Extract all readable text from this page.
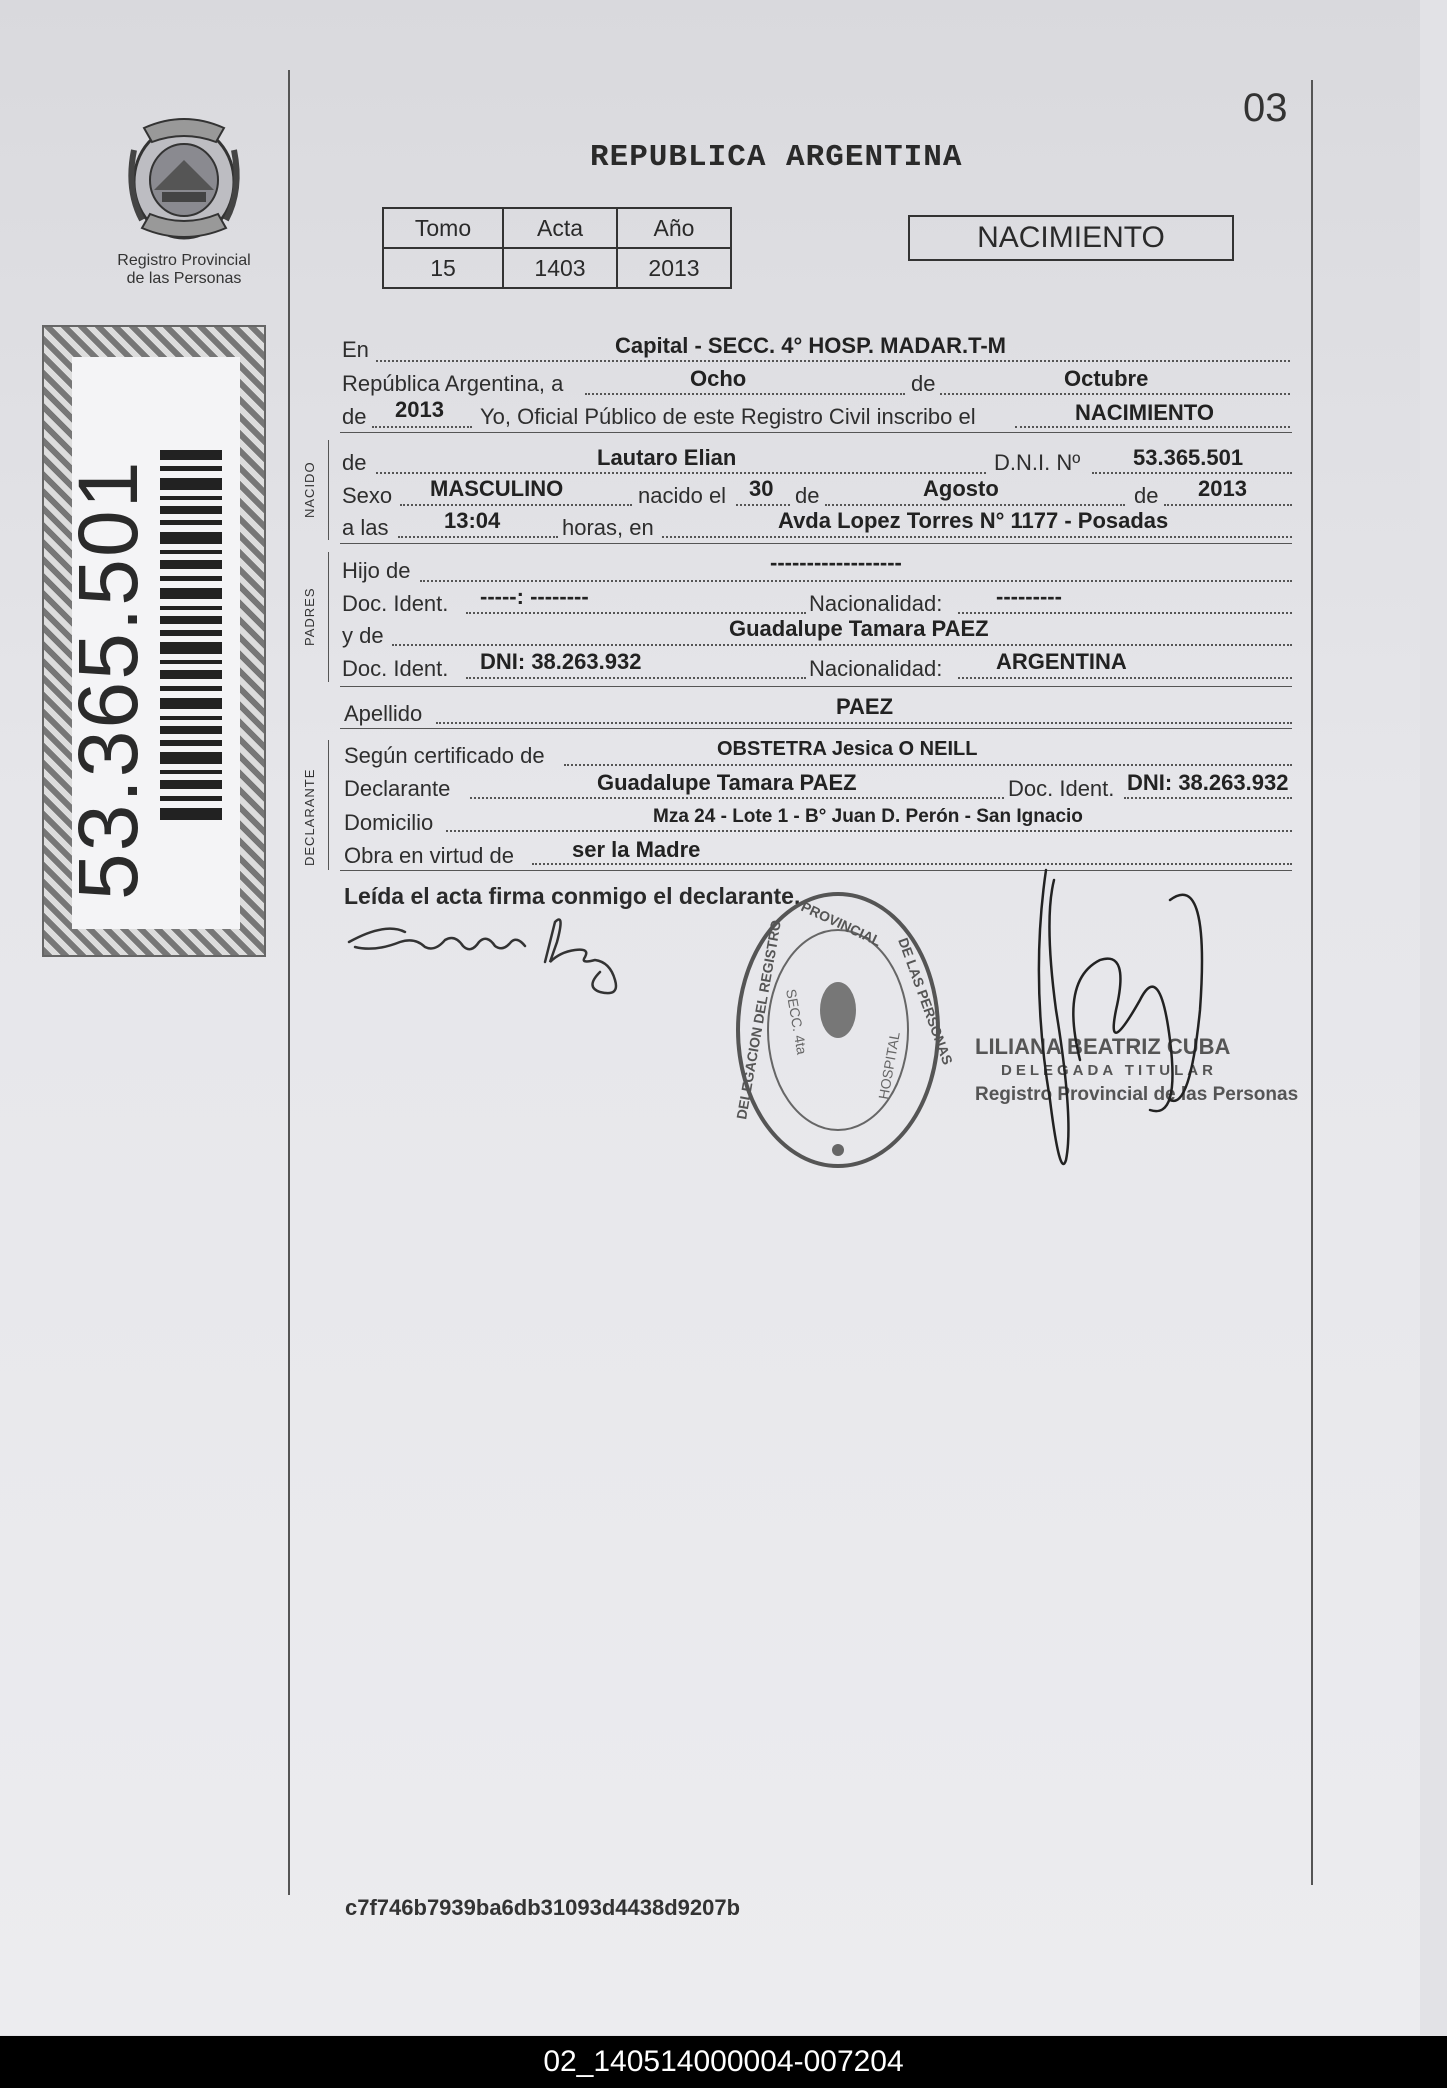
Registro Provincial
de las Personas
53.365.501
03
REPUBLICA ARGENTINA
Tomo	Acta	Año
15	1403	2013
NACIMIENTO
En	Capital - SECC. 4° HOSP. MADAR.T-M
República Argentina, a	Ocho	de	Octubre
de 2013 Yo, Oficial Público de este Registro Civil inscribo el	NACIMIENTO
NACIDO de	Lautaro Elian	D.N.I. Nº 53.365.501
Sexo MASCULINO	nacido el 30 de	Agosto	de 2013
a las	13:04	horas, en	Avda Lopez Torres N° 1177 - Posadas
PADRES
Hijo de	------------------
Doc. Ident. -----: --------	Nacionalidad: ---------
y de	Guadalupe Tamara PAEZ
Doc. Ident. DNI: 38.263.932	Nacionalidad: ARGENTINA
Apellido	PAEZ
DECLARANTE
Según certificado de	OBSTETRA Jesica O NEILL
Declarante	Guadalupe Tamara PAEZ	Doc. Ident. DNI: 38.263.932
Domicilio	Mza 24 - Lote 1 - B° Juan D. Perón - San Ignacio
Obra en virtud de	ser la Madre
Leída el acta firma conmigo el declarante.
DELEGACION DEL REGISTRO PROVINCIAL
DE LAS PERSONAS
SECC. 4ta
HOSPITAL	LILIANA BEATRIZ CUBA
DELEGADA TITULAR
Registro Provincial de las Personas
c7f746b7939ba6db31093d4438d9207b
02_140514000004-007204
